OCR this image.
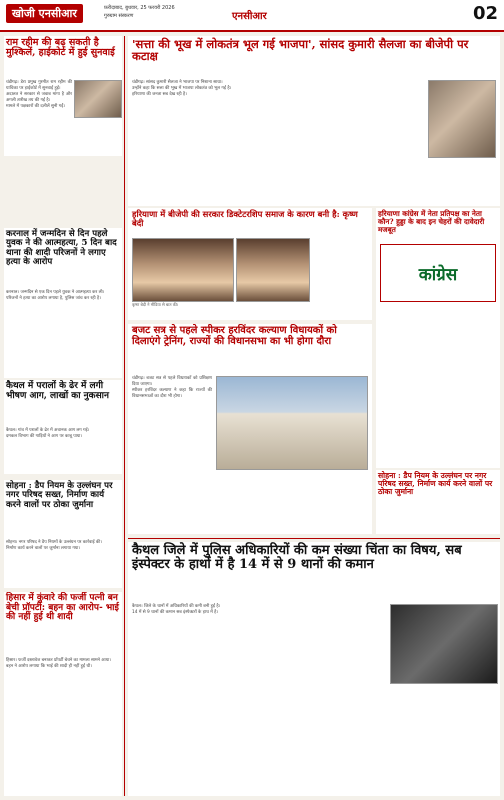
खोजी एनसीआर	फ़रीदाबाद, बुधवार, 25 फरवरी 2026
गुरुग्राम संस्करण	एनसीआर	02
राम रहीम की बढ़ सकती है मुश्किलें, हाईकोर्ट में हुई सुनवाई
चंडीगढ़। डेरा प्रमुख गुरमीत राम रहीम की याचिका पर हाईकोर्ट में सुनवाई हुई।
अदालत ने सरकार से जवाब मांगा है और अगली तारीख तय की गई है।
मामले में पक्षकारों की दलीलें सुनी गईं।
करनाल में जन्मदिन से दिन पहले युवक ने की आत्महत्या, 5 दिन बाद थाना की शादी परिजनों ने लगाए हत्या के आरोप
करनाल। जन्मदिन से एक दिन पहले युवक ने आत्महत्या कर ली।
परिजनों ने हत्या का आरोप लगाया है, पुलिस जांच कर रही है।
कैथल में परालों के ढेर में लगी भीषण आग, लाखों का नुकसान
कैथल। गांव में परालों के ढेर में अचानक आग लग गई।
दमकल विभाग की गाड़ियों ने आग पर काबू पाया।
सोहना : डैप नियम के उल्लंघन पर नगर परिषद सख्त, निर्माण कार्य करने वालों पर ठोका जुर्माना
सोहना। नगर परिषद ने डैप नियमों के उल्लंघन पर कार्रवाई की।
निर्माण कार्य करने वालों पर जुर्माना लगाया गया।
हिसार में कुंवारे की फर्जी पत्नी बन बेची प्रॉपर्टी: बहन का आरोप- भाई की नहीं हुई थी शादी
हिसार। फर्जी दस्तावेज बनाकर प्रॉपर्टी बेचने का मामला सामने आया।
बहन ने आरोप लगाया कि भाई की शादी ही नहीं हुई थी।
'सत्ता की भूख में लोकतंत्र भूल गई भाजपा', सांसद कुमारी सैलजा का बीजेपी पर कटाक्ष
चंडीगढ़। सांसद कुमारी सैलजा ने भाजपा पर निशाना साधा।
उन्होंने कहा कि सत्ता की भूख में भाजपा लोकतंत्र को भूल गई है।
हरियाणा की जनता सब देख रही है।
हरियाणा में बीजेपी की सरकार डिक्टेटरशिप समाज के कारण बनी है: कृष्ण बेदी
कृष्ण बेदी ने मीडिया से बात की।
हरियाणा कांग्रेस में नेता प्रतिपक्ष का नेता कौन? हुड्डा के बाद इन चेहरों की दावेदारी मजबूत
कांग्रेस
बजट सत्र से पहले स्पीकर हरविंदर कल्याण विधायकों को दिलाएंगे ट्रेनिंग, राज्यों की विधानसभा का भी होगा दौरा
चंडीगढ़। बजट सत्र से पहले विधायकों को प्रशिक्षण दिया जाएगा।
स्पीकर हरविंदर कल्याण ने कहा कि राज्यों की विधानसभाओं का दौरा भी होगा।
सोहना : डैप नियम के उल्लंघन पर नगर परिषद सख्त, निर्माण कार्य करने वालों पर ठोका जुर्माना
कैथल जिले में पुलिस अधिकारियों की कम संख्या चिंता का विषय, सब इंस्पेक्टर के हाथों में है 14 में से 9 थानों की कमान
कैथल। जिले के थानों में अधिकारियों की कमी बनी हुई है।
14 में से 9 थानों की कमान सब इंस्पेक्टरों के हाथ में है।
